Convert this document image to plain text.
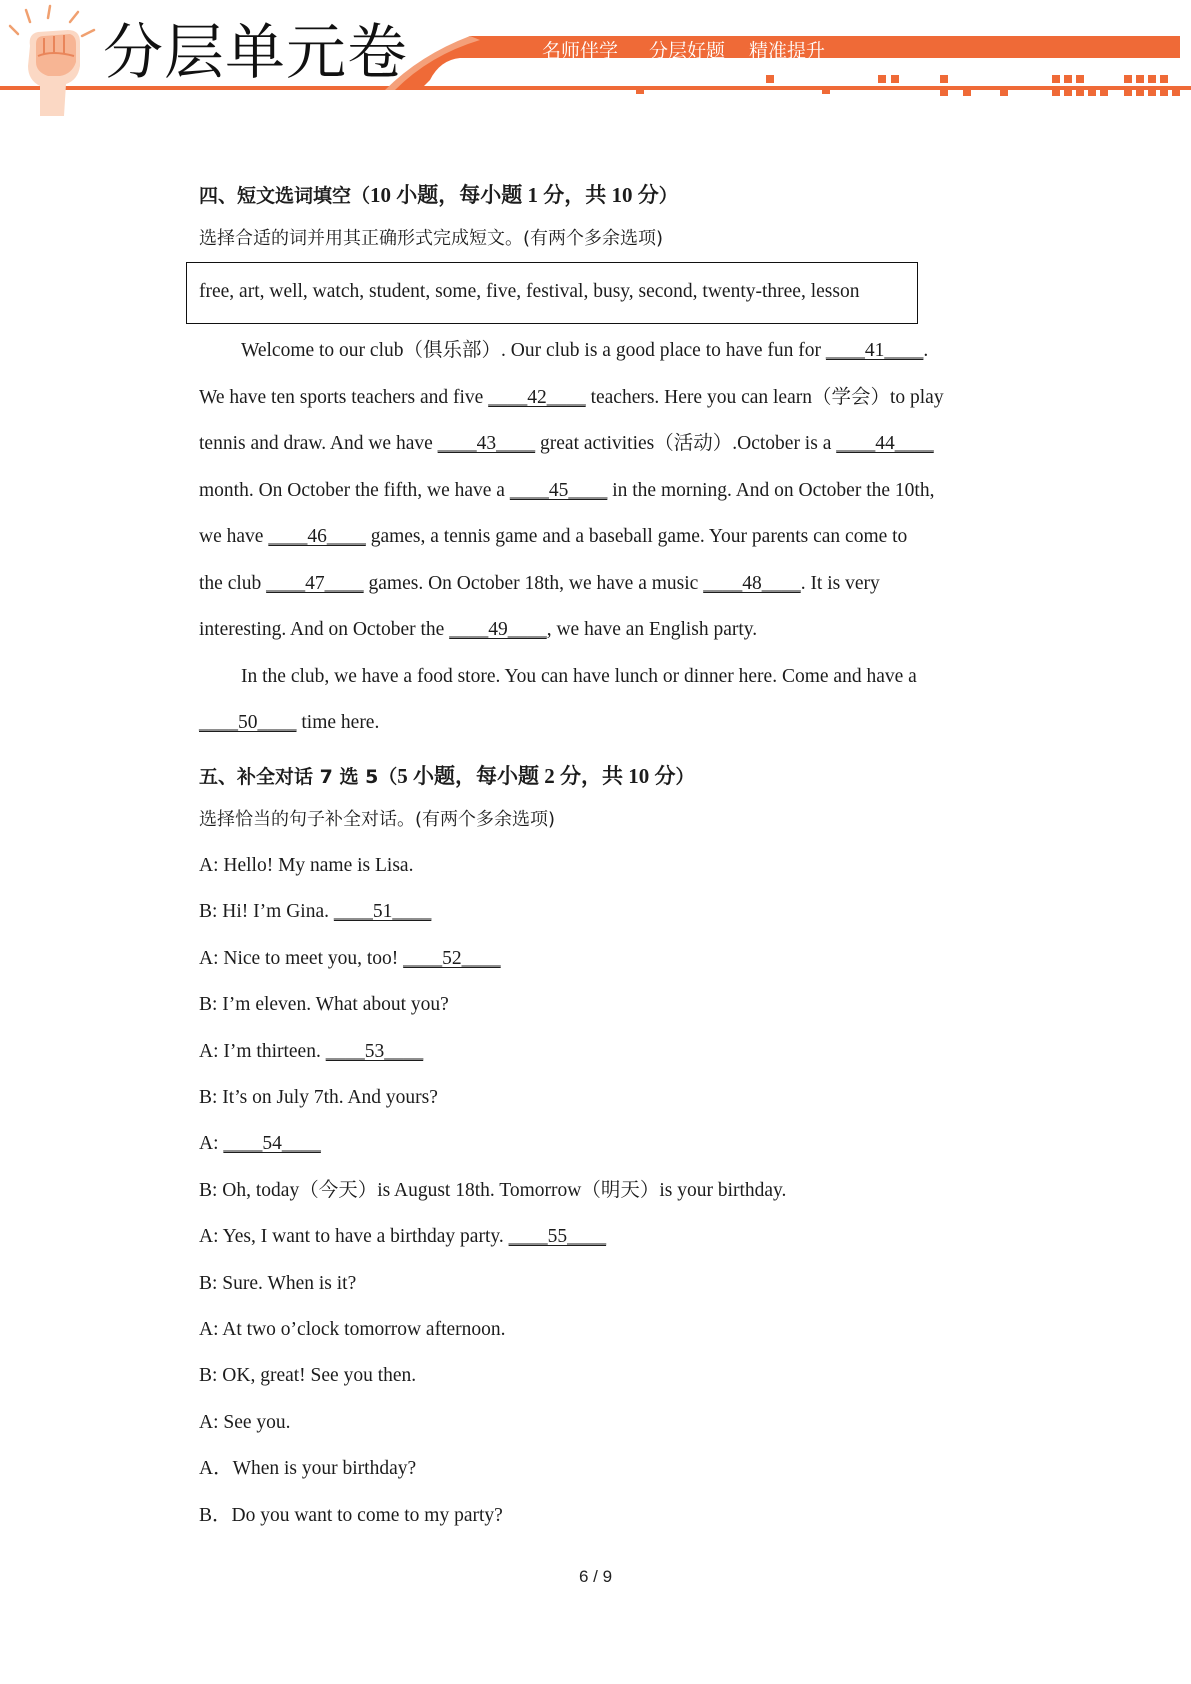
分层单元卷	名师伴学 分层好题 精准提升
四、短文选词填空（10 小题，每小题 1 分，共 10 分）
选择合适的词并用其正确形式完成短文。(有两个多余选项)
free, art, well, watch, student, some, five, festival, busy, second, twenty-three, lesson
Welcome to our club（俱乐部）. Our club is a good place to have fun for ____41____.
We have ten sports teachers and five ____42____ teachers. Here you can learn（学会）to play
tennis and draw. And we have ____43____ great activities（活动）.October is a ____44____
month. On October the fifth, we have a ____45____ in the morning. And on October the 10th,
we have ____46____ games, a tennis game and a baseball game. Your parents can come to
the club ____47____ games. On October 18th, we have a music ____48____. It is very
interesting. And on October the ____49____, we have an English party.
In the club, we have a food store. You can have lunch or dinner here. Come and have a
____50____ time here.
五、补全对话 7 选 5（5 小题，每小题 2 分，共 10 分）
选择恰当的句子补全对话。(有两个多余选项)
A: Hello! My name is Lisa.
B: Hi! I’m Gina. ____51____
A: Nice to meet you, too! ____52____
B: I’m eleven. What about you?
A: I’m thirteen. ____53____
B: It’s on July 7th. And yours?
A: ____54____
B: Oh, today（今天）is August 18th. Tomorrow（明天）is your birthday.
A: Yes, I want to have a birthday party. ____55____
B: Sure. When is it?
A: At two o’clock tomorrow afternoon.
B: OK, great! See you then.
A: See you.
A．When is your birthday?
B．Do you want to come to my party?
6 / 9
